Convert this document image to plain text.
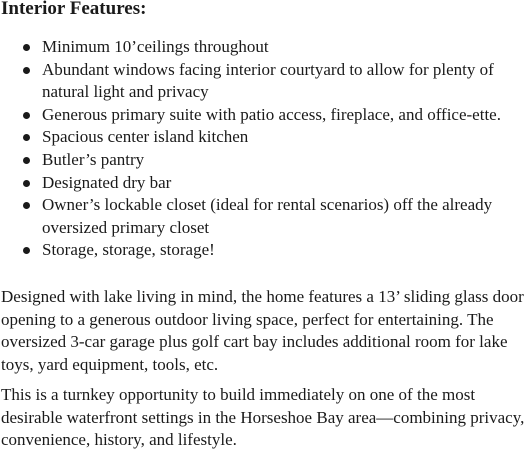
Interior Features:
Minimum 10’ceilings throughout
Abundant windows facing interior courtyard to allow for plenty of
natural light and privacy
Generous primary suite with patio access, fireplace, and office-ette.
Spacious center island kitchen
Butler’s pantry
Designated dry bar
Owner’s lockable closet (ideal for rental scenarios) off the already
oversized primary closet
Storage, storage, storage!

Designed with lake living in mind, the home features a 13’ sliding glass door
opening to a generous outdoor living space, perfect for entertaining. The
oversized 3-car garage plus golf cart bay includes additional room for lake
toys, yard equipment, tools, etc.

This is a turnkey opportunity to build immediately on one of the most
desirable waterfront settings in the Horseshoe Bay area—combining privacy,
convenience, history, and lifestyle.
